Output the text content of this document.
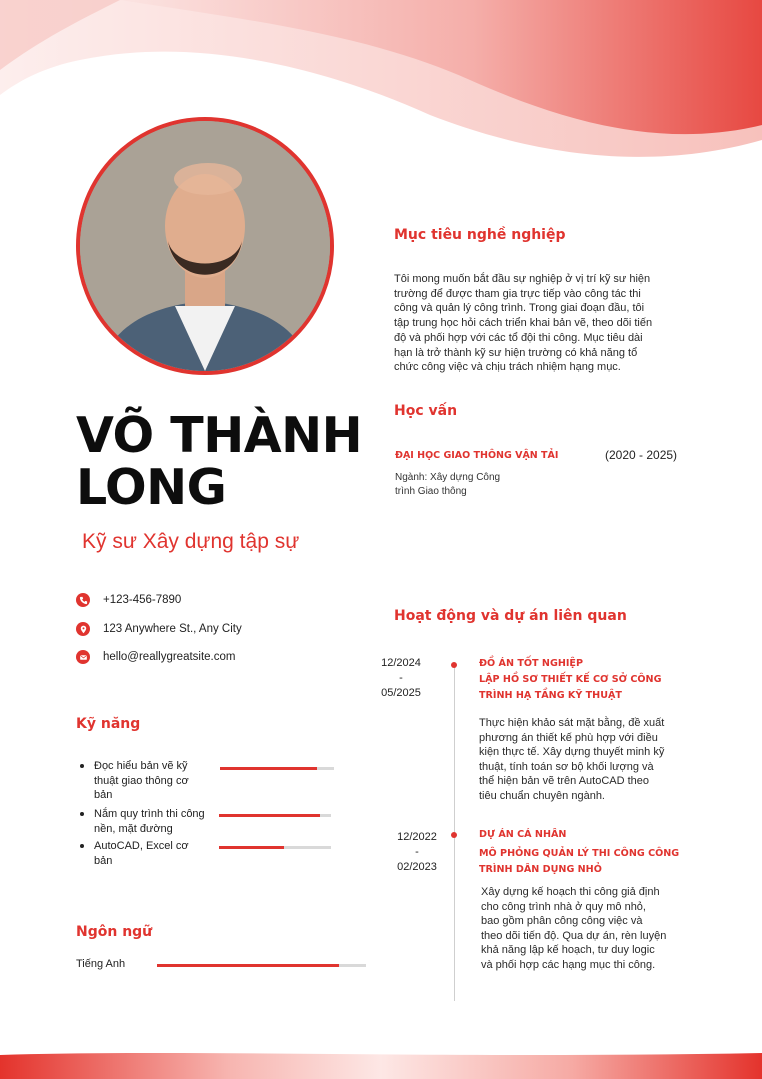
VÕ THÀNH
LONG
Kỹ sư Xây dựng tập sự
+123-456-7890
123 Anywhere St., Any City
hello@reallygreatsite.com
Kỹ năng
Đọc hiểu bản vẽ kỹ thuật giao thông cơ bản
Nắm quy trình thi công nền, mặt đường
AutoCAD, Excel cơ bản
Ngôn ngữ
Tiếng Anh
Mục tiêu nghề nghiệp
Tôi mong muốn bắt đầu sự nghiệp ở vị trí kỹ sư hiện
trường để được tham gia trực tiếp vào công tác thi
công và quản lý công trình. Trong giai đoạn đầu, tôi
tập trung học hỏi cách triển khai bản vẽ, theo dõi tiến
độ và phối hợp với các tổ đội thi công. Mục tiêu dài
hạn là trở thành kỹ sư hiện trường có khả năng tổ
chức công việc và chịu trách nhiệm hạng mục.
Học vấn
ĐẠI HỌC GIAO THÔNG VẬN TẢI	(2020 - 2025)
Ngành: Xây dựng Công
trình Giao thông
Hoạt động và dự án liên quan
12/2024
-
05/2025
ĐỒ ÁN TỐT NGHIỆP
LẬP HỒ SƠ THIẾT KẾ CƠ SỞ CÔNG
TRÌNH HẠ TẦNG KỸ THUẬT
Thực hiện khảo sát mặt bằng, đề xuất
phương án thiết kế phù hợp với điều
kiện thực tế. Xây dựng thuyết minh kỹ
thuật, tính toán sơ bộ khối lượng và
thể hiện bản vẽ trên AutoCAD theo
tiêu chuẩn chuyên ngành.
12/2022
-
02/2023
DỰ ÁN CÁ NHÂN
MÔ PHỎNG QUẢN LÝ THI CÔNG CÔNG
TRÌNH DÂN DỤNG NHỎ
Xây dựng kế hoạch thi công giả định
cho công trình nhà ở quy mô nhỏ,
bao gồm phân công công việc và
theo dõi tiến độ. Qua dự án, rèn luyện
khả năng lập kế hoạch, tư duy logic
và phối hợp các hạng mục thi công.
